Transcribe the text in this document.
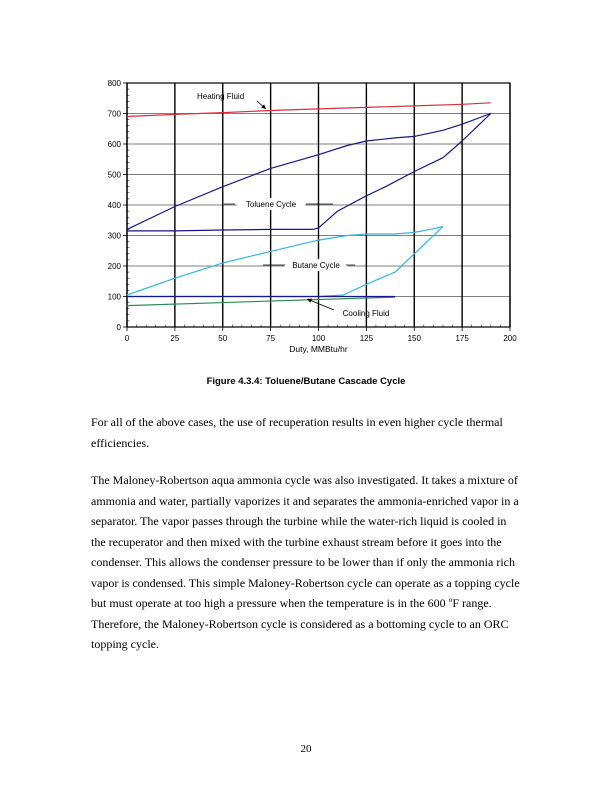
0
100
200
300
400
500
600
700
800
0	25	50	75	100	125	150	175	200
Heating Fluid
Toluene Cycle
Butane Cycle
Cooling Fluid
Duty, MMBtu/hr
Figure 4.3.4: Toluene/Butane Cascade Cycle

For all of the above cases, the use of recuperation results in even higher cycle thermal
efficiencies.

The Maloney-Robertson aqua ammonia cycle was also investigated. It takes a mixture of
ammonia and water, partially vaporizes it and separates the ammonia-enriched vapor in a
separator. The vapor passes through the turbine while the water-rich liquid is cooled in
the recuperator and then mixed with the turbine exhaust stream before it goes into the
condenser. This allows the condenser pressure to be lower than if only the ammonia rich
vapor is condensed. This simple Maloney-Robertson cycle can operate as a topping cycle
but must operate at too high a pressure when the temperature is in the 600 $^o$F range.
Therefore, the Maloney-Robertson cycle is considered as a bottoming cycle to an ORC
topping cycle.

20
